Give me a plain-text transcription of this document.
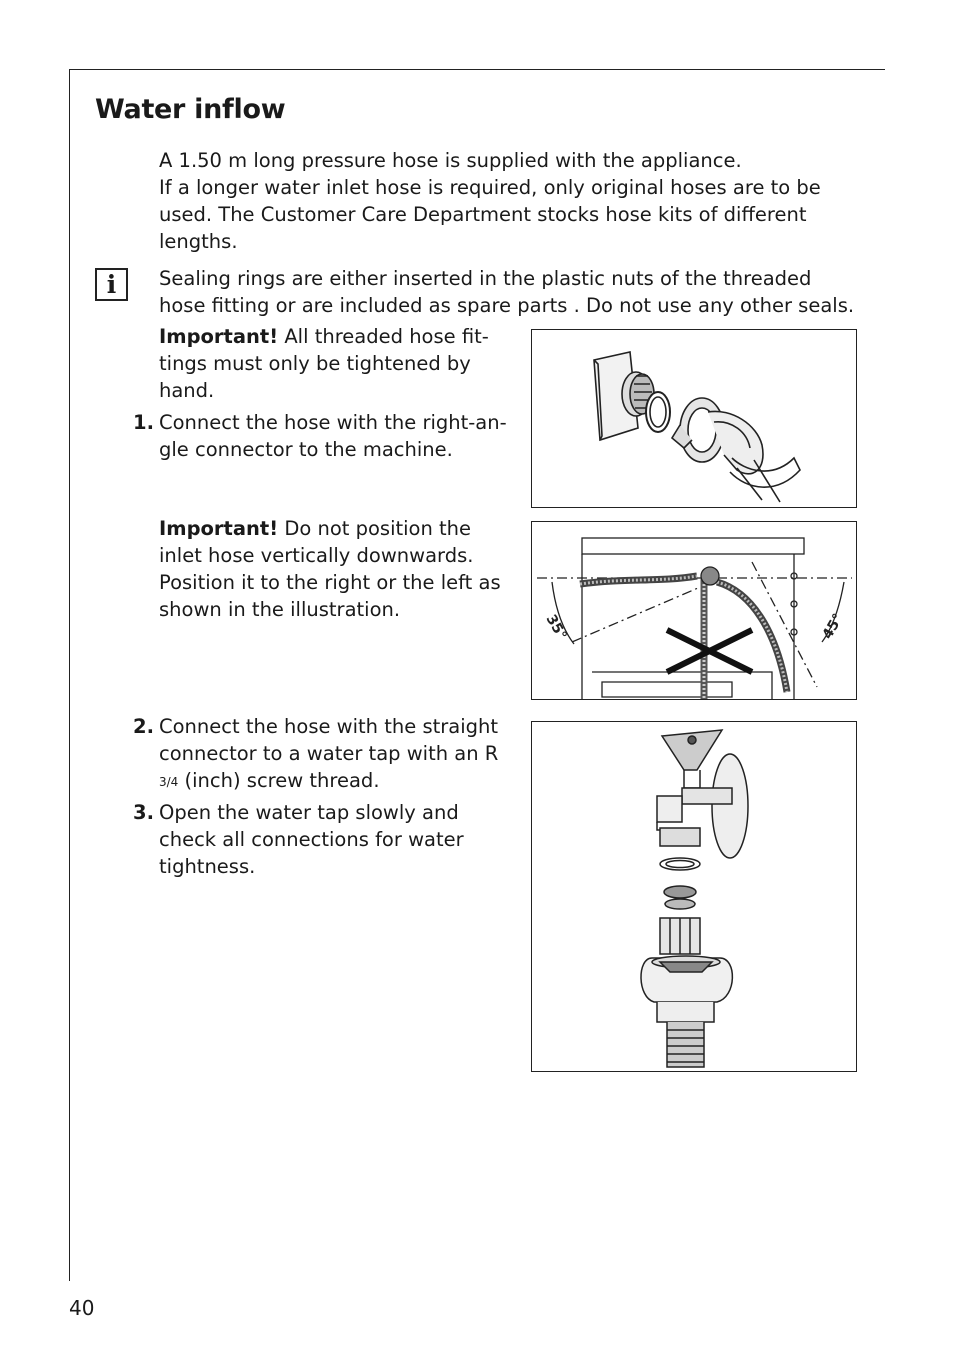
Water inflow
A 1.50 m long pressure hose is supplied with the appliance.
If a longer water inlet hose is required, only original hoses are to be used. The Customer Care Department stocks hose kits of different lengths.
i	Sealing rings are either inserted in the plastic nuts of the threaded hose fitting or are included as spare parts . Do not use any other seals.
Important! All threaded hose fit-tings must only be tightened by hand.
1. Connect the hose with the right-an-gle connector to the machine.
Important! Do not position the inlet hose vertically downwards. Position it to the right or the left as shown in the illustration.
2. Connect the hose with the straight connector to a water tap with an R 3/4 (inch) screw thread.
3. Open the water tap slowly and check all connections for water tightness.
35°	45°
40
